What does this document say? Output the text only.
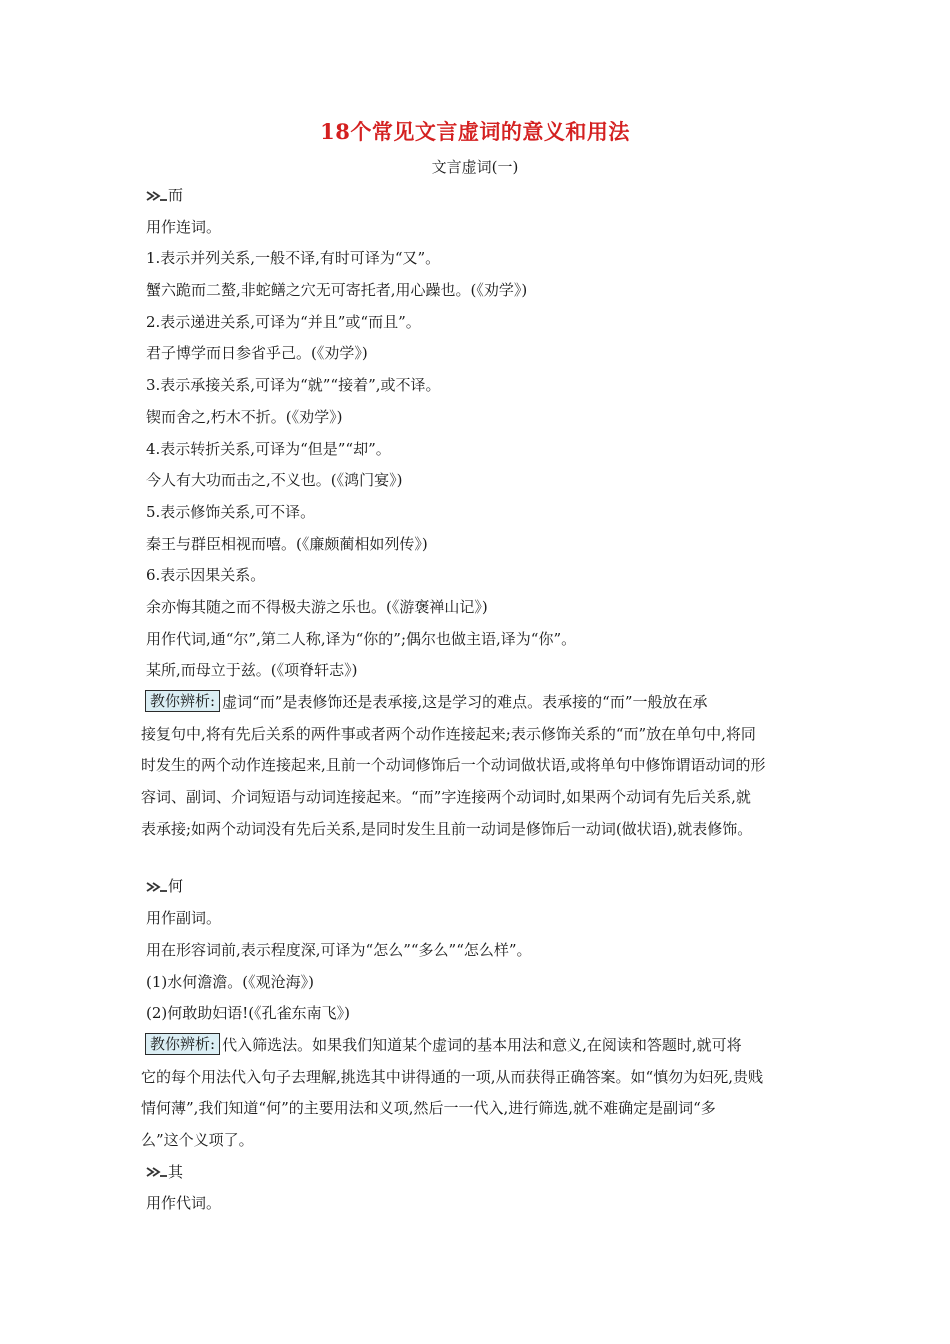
18个常见文言虚词的意义和用法
文言虚词(一)
而
用作连词。
1.表示并列关系,一般不译,有时可译为“又”。
蟹六跪而二螯,非蛇鳝之穴无可寄托者,用心躁也。(《劝学》)
2.表示递进关系,可译为“并且”或“而且”。
君子博学而日参省乎己。(《劝学》)
3.表示承接关系,可译为“就”“接着”,或不译。
锲而舍之,朽木不折。(《劝学》)
4.表示转折关系,可译为“但是”“却”。
今人有大功而击之,不义也。(《鸿门宴》)
5.表示修饰关系,可不译。
秦王与群臣相视而嘻。(《廉颇蔺相如列传》)
6.表示因果关系。
余亦悔其随之而不得极夫游之乐也。(《游褒禅山记》)
用作代词,通“尔”,第二人称,译为“你的”;偶尔也做主语,译为“你”。
某所,而母立于兹。(《项脊轩志》)
教你辨析: 虚词“而”是表修饰还是表承接,这是学习的难点。表承接的“而”一般放在承
接复句中,将有先后关系的两件事或者两个动作连接起来;表示修饰关系的“而”放在单句中,将同
时发生的两个动作连接起来,且前一个动词修饰后一个动词做状语,或将单句中修饰谓语动词的形
容词、副词、介词短语与动词连接起来。“而”字连接两个动词时,如果两个动词有先后关系,就
表承接;如两个动词没有先后关系,是同时发生且前一动词是修饰后一动词(做状语),就表修饰。
何
用作副词。
用在形容词前,表示程度深,可译为“怎么”“多么”“怎么样”。
(1)水何澹澹。(《观沧海》)
(2)何敢助妇语!(《孔雀东南飞》)
教你辨析: 代入筛选法。如果我们知道某个虚词的基本用法和意义,在阅读和答题时,就可将
它的每个用法代入句子去理解,挑选其中讲得通的一项,从而获得正确答案。如“慎勿为妇死,贵贱
情何薄”,我们知道“何”的主要用法和义项,然后一一代入,进行筛选,就不难确定是副词“多
么”这个义项了。
其
用作代词。
